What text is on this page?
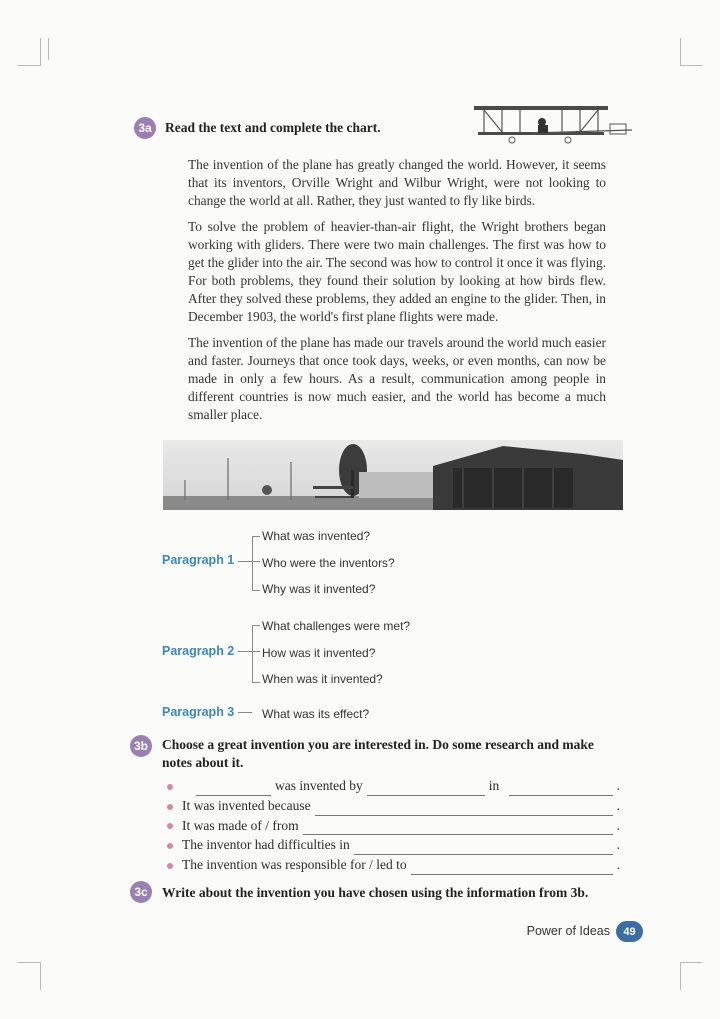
3a Read the text and complete the chart.

The invention of the plane has greatly changed the world. However, it seems that its inventors, Orville Wright and Wilbur Wright, were not looking to change the world at all. Rather, they just wanted to fly like birds.

To solve the problem of heavier-than-air flight, the Wright brothers began working with gliders. There were two main challenges. The first was how to get the glider into the air. The second was how to control it once it was flying. For both problems, they found their solution by looking at how birds flew. After they solved these problems, they added an engine to the glider. Then, in December 1903, the world's first plane flights were made.

The invention of the plane has made our travels around the world much easier and faster. Journeys that once took days, weeks, or even months, can now be made in only a few hours. As a result, communication among people in different countries is now much easier, and the world has become a much smaller place.

Paragraph 1
What was invented?
Who were the inventors?
Why was it invented?
Paragraph 2
What challenges were met?
How was it invented?
When was it invented?
Paragraph 3 What was its effect?
3b Choose a great invention you are interested in. Do some research and make
notes about it.
was invented by	in	.
It was invented because	.
It was made of / from	.
The inventor had difficulties in	.
The invention was responsible for / led to	.
3c	Write about the invention you have chosen using the information from 3b.
Power of Ideas	49
